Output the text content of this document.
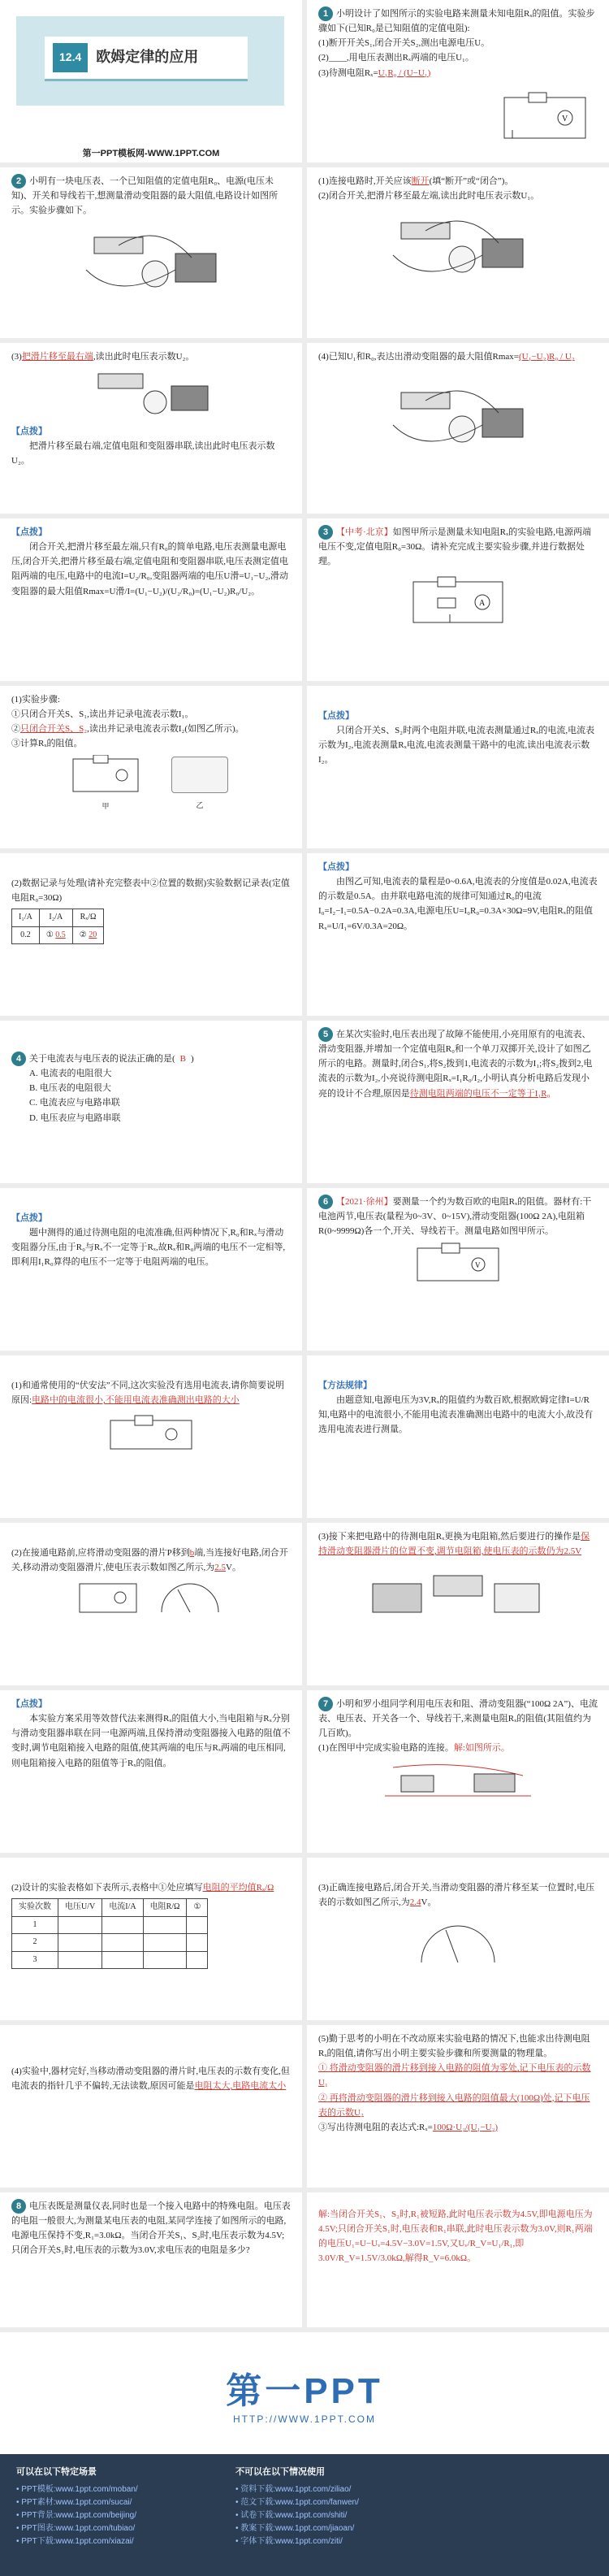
12.4	欧姆定律的应用
第一PPT模板网-WWW.1PPT.COM
1 小明设计了如图所示的实验电路来测量未知电阻Rₓ的阻值。实验步骤如下(已知R₀是已知阻值的定值电阻):
(1)断开开关S₁,闭合开关S₂,测出电源电压U。
(2)____,用电压表测出Rₓ两端的电压U₁。
(3)待测电阻Rₓ=U₁R₀ / (U−U₁)
V
2 小明有一块电压表、一个已知阻值的定值电阻R₀、电源(电压未知)、开关和导线若干,想测量滑动变阻器的最大阻值,电路设计如图所示。实验步骤如下。
(1)连接电路时,开关应该断开(填“断开”或“闭合”)。
(2)闭合开关,把滑片移至最左端,读出此时电压表示数U₁。
(3)把滑片移至最右端,读出此时电压表示数U₂。
【点拨】
把滑片移至最右端,定值电阻和变阻器串联,读出此时电压表示数U₂。
(4)已知U₁和R₀,表达出滑动变阻器的最大阻值Rmax=(U₁−U₂)R₀ / U₂
【点拨】
闭合开关,把滑片移至最左端,只有R₀的简单电路,电压表测量电源电压,闭合开关,把滑片移至最右端,定值电阻和变阻器串联,电压表测定值电阻两端的电压,电路中的电流I=U₂/R₀,变阻器两端的电压U滑=U₁−U₂,滑动变阻器的最大阻值Rmax=U滑/I=(U₁−U₂)/(U₂/R₀)=(U₁−U₂)R₀/U₂。
3 【中考·北京】如图甲所示是测量未知电阻Rₓ的实验电路,电源两端电压不变,定值电阻R₀=30Ω。请补充完成主要实验步骤,并进行数据处理。
A
(1)实验步骤:
①只闭合开关S、S₁,读出并记录电流表示数I₁。
②只闭合开关S、S₂,读出并记录电流表示数I₂(如图乙所示)。
③计算Rₓ的阻值。
甲	乙
【点拨】
只闭合开关S、S₂时两个电阻并联,电流表测量通过Rₓ的电流,电流表示数为I₂,电流表测量Rₓ电流,电流表测量干路中的电流,读出电流表示数I₂。
(2)数据记录与处理(请补充完整表中②位置的数据)实验数据记录表(定值电阻R₀=30Ω)
I₁/A	I₂/A	Rₓ/Ω
0.2	① 0.5	② 20
【点拨】
由图乙可知,电流表的量程是0~0.6A,电流表的分度值是0.02A,电流表的示数是0.5A。由并联电路电流的规律可知通过R₀的电流I₀=I₂−I₁=0.5A−0.2A=0.3A,电源电压U=I₀R₀=0.3A×30Ω=9V,电阻Rₓ的阻值Rₓ=U/I₁=6V/0.3A=20Ω。
4 关于电流表与电压表的说法正确的是( B )
A. 电流表的电阻很大
B. 电压表的电阻很大
C. 电流表应与电路串联
D. 电压表应与电路串联
5 在某次实验时,电压表出现了故障不能使用,小亮用原有的电流表、滑动变阻器,并增加一个定值电阻R₀和一个单刀双掷开关,设计了如图乙所示的电路。测量时,闭合S₁,将S₂拨到1,电流表的示数为I₁;将S₂拨到2,电流表的示数为I₂,小亮说待测电阻Rₓ=I₁R₀/I₂,小明认真分析电路后发现小亮的设计不合理,原因是待测电阻两端的电压不一定等于I₁R₀
【点拨】
题中测得的通过待测电阻的电流准确,但两种情况下,R₀和Rₓ与滑动变阻器分压,由于R₀与Rₓ不一定等于Rₓ,故Rₓ和R₀两端的电压不一定相等,即利用I₁R₀算得的电压不一定等于电阻两端的电压。
6 【2021·徐州】要测量一个约为数百欧的电阻Rₓ的阻值。器材有:干电池两节,电压表(量程为0~3V、0~15V),滑动变阻器(100Ω 2A),电阻箱R(0~9999Ω)各一个,开关、导线若干。测量电路如图甲所示。
V
(1)和通常使用的“伏安法”不同,这次实验没有选用电流表,请你简要说明原因:电路中的电流很小,不能用电流表准确测出电路的大小
【方法规律】
由题意知,电源电压为3V,Rₓ的阻值约为数百欧,根据欧姆定律I=U/R知,电路中的电流很小,不能用电流表准确测出电路中的电流大小,故没有选用电流表进行测量。
(2)在接通电路前,应将滑动变阻器的滑片P移到b端,当连接好电路,闭合开关,移动滑动变阻器滑片,使电压表示数如图乙所示,为2.5V。
(3)接下来把电路中的待测电阻Rₓ更换为电阻箱,然后要进行的操作是保持滑动变阻器滑片的位置不变,调节电阻箱,使电压表的示数仍为2.5V
【点拨】
本实验方案采用等效替代法来测得Rₓ的阻值大小,当电阻箱与Rₓ分别与滑动变阻器串联在同一电源两端,且保持滑动变阻器接入电路的阻值不变时,调节电阻箱接入电路的阻值,使其两端的电压与Rₓ两端的电压相同,则电阻箱接入电路的阻值等于Rₓ的阻值。
7 小明和罗小组同学利用电压表和阻、滑动变阻器(“100Ω 2A”)、电流表、电压表、开关各一个、导线若干,来测量电阻Rₓ的阻值(其阻值约为几百欧)。
(1)在图甲中完成实验电路的连接。解:如图所示。
(2)设计的实验表格如下表所示,表格中①处应填写电阻的平均值Rₓ/Ω
实验次数	电压U/V	电流I/A	电阻R/Ω	①
1				
2				
3				
(3)正确连接电路后,闭合开关,当滑动变阻器的滑片移至某一位置时,电压表的示数如图乙所示,为2.4V。
(4)实验中,器材完好,当移动滑动变阻器的滑片时,电压表的示数有变化,但电流表的指针几乎不偏转,无法读数,原因可能是电阻太大,电路电流太小
(5)勤于思考的小明在不改动原来实验电路的情况下,也能求出待测电阻Rₓ的阻值,请你写出小明主要实验步骤和所要测量的物理量。
① 将滑动变阻器的滑片移到接入电路的阻值为零处,记下电压表的示数U₁
② 再将滑动变阻器的滑片移到接入电路的阻值最大(100Ω)处,记下电压表的示数U₂
③写出待测电阻的表达式:Rₓ=100Ω·U₂/(U₁−U₂)
8 电压表既是测量仪表,同时也是一个接入电路中的特殊电阻。电压表的电阻一般很大,为测量某电压表的电阻,某同学连接了如图所示的电路,电源电压保持不变,R₁=3.0kΩ。当闭合开关S₁、S₂时,电压表示数为4.5V;只闭合开关S₁时,电压表的示数为3.0V,求电压表的电阻是多少?
解:当闭合开关S₁、S₂时,R₁被短路,此时电压表示数为4.5V,即电源电压为4.5V;只闭合开关S₁时,电压表和R₁串联,此时电压表示数为3.0V,则R₁两端的电压U₁=U−Uᵥ=4.5V−3.0V=1.5V,又Uᵥ/R_V=U₁/R₁,即3.0V/R_V=1.5V/3.0kΩ,解得R_V=6.0kΩ。
第一PPT
HTTP://WWW.1PPT.COM
可以在以下特定场景
• PPT模板:www.1ppt.com/moban/
• PPT素材:www.1ppt.com/sucai/
• PPT背景:www.1ppt.com/beijing/
• PPT图表:www.1ppt.com/tubiao/
• PPT下载:www.1ppt.com/xiazai/
不可以在以下情况使用
• 资料下载:www.1ppt.com/ziliao/
• 范文下载:www.1ppt.com/fanwen/
• 试卷下载:www.1ppt.com/shiti/
• 教案下载:www.1ppt.com/jiaoan/
• 字体下载:www.1ppt.com/ziti/
